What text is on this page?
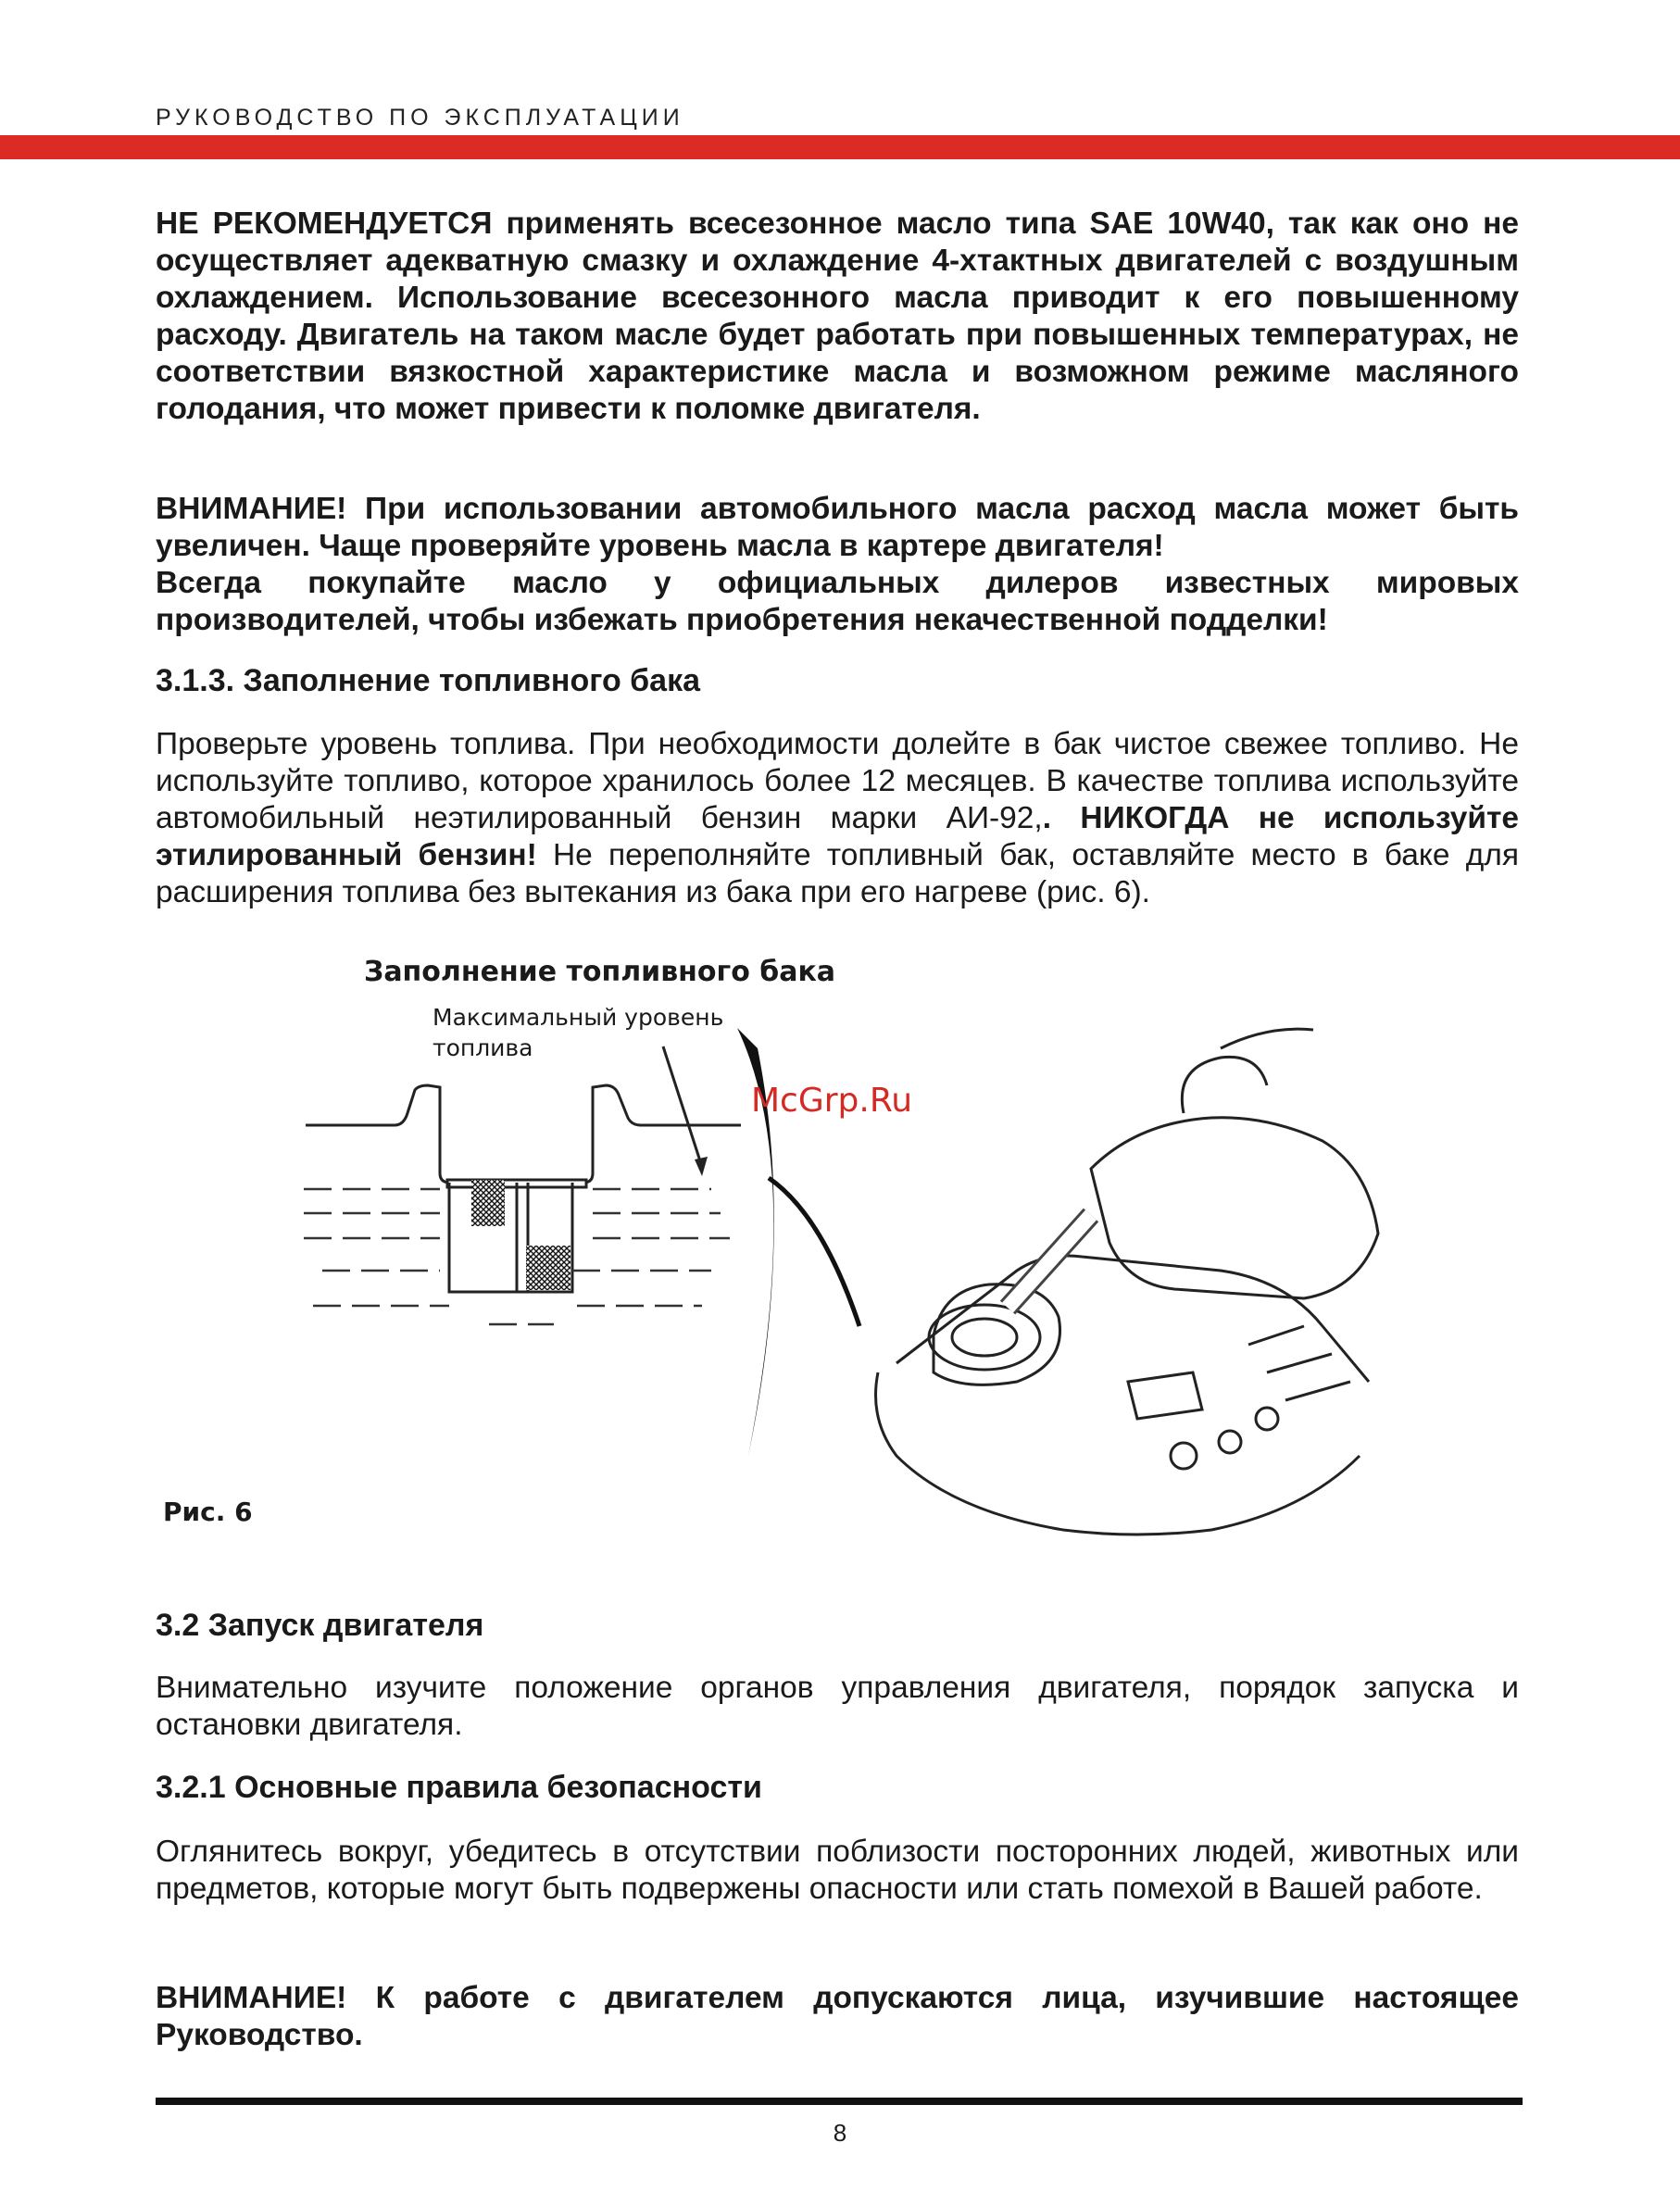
РУКОВОДСТВО ПО ЭКСПЛУАТАЦИИ

НЕ РЕКОМЕНДУЕТСЯ применять всесезонное масло типа SAE 10W40, так как оно не осуществляет адекватную смазку и охлаждение 4-хтактных двигателей с воздушным охлаждением. Использование всесезонного масла приводит к его повышенному расходу. Двигатель на таком масле будет работать при повышенных температурах, не соответствии вязкостной характеристике масла и возможном режиме масляного голодания, что может привести к поломке двигателя.

ВНИМАНИЕ! При использовании автомобильного масла расход масла может быть увеличен. Чаще проверяйте уровень масла в картере двигателя!

Всегда покупайте масло у официальных дилеров известных мировых производителей, чтобы избежать приобретения некачественной подделки!

3.1.3. Заполнение топливного бака

Проверьте уровень топлива. При необходимости долейте в бак чистое свежее топливо. Не используйте топливо, которое хранилось более 12 месяцев. В качестве топлива используйте автомобильный неэтилированный бензин марки АИ-92,. НИКОГДА не используйте этилированный бензин! Не переполняйте топливный бак, оставляйте место в баке для расширения топлива без вытекания из бака при его нагреве (рис. 6).

Заполнение топливного бака
Максимальный уровень
топлива
McGrp.Ru
Рис. 6
3.2 Запуск двигателя

Внимательно изучите положение органов управления двигателя, порядок запуска и остановки двигателя.

3.2.1 Основные правила безопасности

Оглянитесь вокруг, убедитесь в отсутствии поблизости посторонних людей, животных или предметов, которые могут быть подвержены опасности или стать помехой в Вашей работе.

ВНИМАНИЕ! К работе с двигателем допускаются лица, изучившие настоящее Руководство.

8
